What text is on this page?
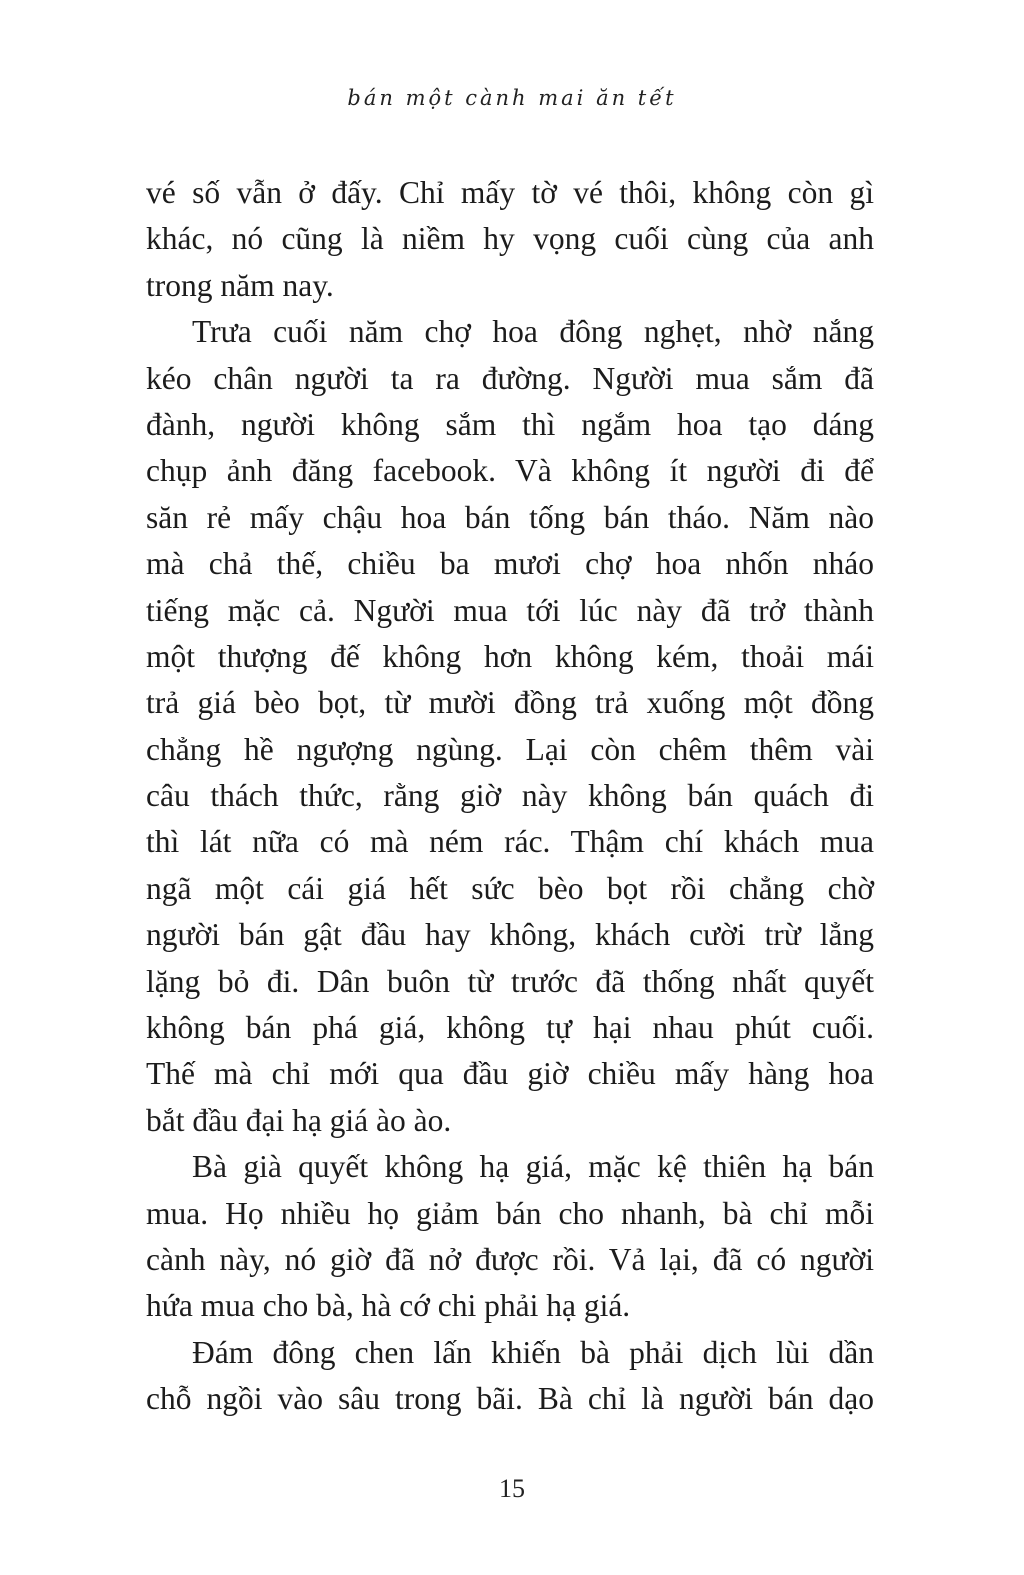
bán một cành mai ăn tết
vé số vẫn ở đấy. Chỉ mấy tờ vé thôi, không còn gì
khác, nó cũng là niềm hy vọng cuối cùng của anh
trong năm nay.
Trưa cuối năm chợ hoa đông nghẹt, nhờ nắng
kéo chân người ta ra đường. Người mua sắm đã
đành, người không sắm thì ngắm hoa tạo dáng
chụp ảnh đăng facebook. Và không ít người đi để
săn rẻ mấy chậu hoa bán tống bán tháo. Năm nào
mà chả thế, chiều ba mươi chợ hoa nhốn nháo
tiếng mặc cả. Người mua tới lúc này đã trở thành
một thượng đế không hơn không kém, thoải mái
trả giá bèo bọt, từ mười đồng trả xuống một đồng
chẳng hề ngượng ngùng. Lại còn chêm thêm vài
câu thách thức, rằng giờ này không bán quách đi
thì lát nữa có mà ném rác. Thậm chí khách mua
ngã một cái giá hết sức bèo bọt rồi chẳng chờ
người bán gật đầu hay không, khách cười trừ lẳng
lặng bỏ đi. Dân buôn từ trước đã thống nhất quyết
không bán phá giá, không tự hại nhau phút cuối.
Thế mà chỉ mới qua đầu giờ chiều mấy hàng hoa
bắt đầu đại hạ giá ào ào.
Bà già quyết không hạ giá, mặc kệ thiên hạ bán
mua. Họ nhiều họ giảm bán cho nhanh, bà chỉ mỗi
cành này, nó giờ đã nở được rồi. Vả lại, đã có người
hứa mua cho bà, hà cớ chi phải hạ giá.
Đám đông chen lấn khiến bà phải dịch lùi dần
chỗ ngồi vào sâu trong bãi. Bà chỉ là người bán dạo
15
